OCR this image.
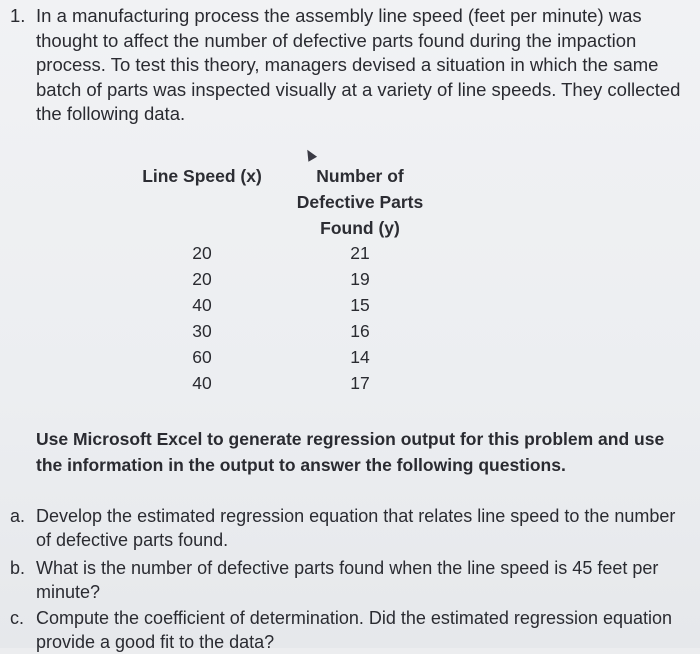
1. In a manufacturing process the assembly line speed (feet per minute) was thought to affect the number of defective parts found during the impaction process. To test this theory, managers devised a situation in which the same batch of parts was inspected visually at a variety of line speeds. They collected the following data.
Line Speed (x)	Number of
Defective Parts
Found (y)
20
20
40
30
60
40
21
19
15
16
14
17
Use Microsoft Excel to generate regression output for this problem and use the information in the output to answer the following questions.
a. Develop the estimated regression equation that relates line speed to the number of defective parts found.
b. What is the number of defective parts found when the line speed is 45 feet per minute?
c. Compute the coefficient of determination. Did the estimated regression equation provide a good fit to the data?
